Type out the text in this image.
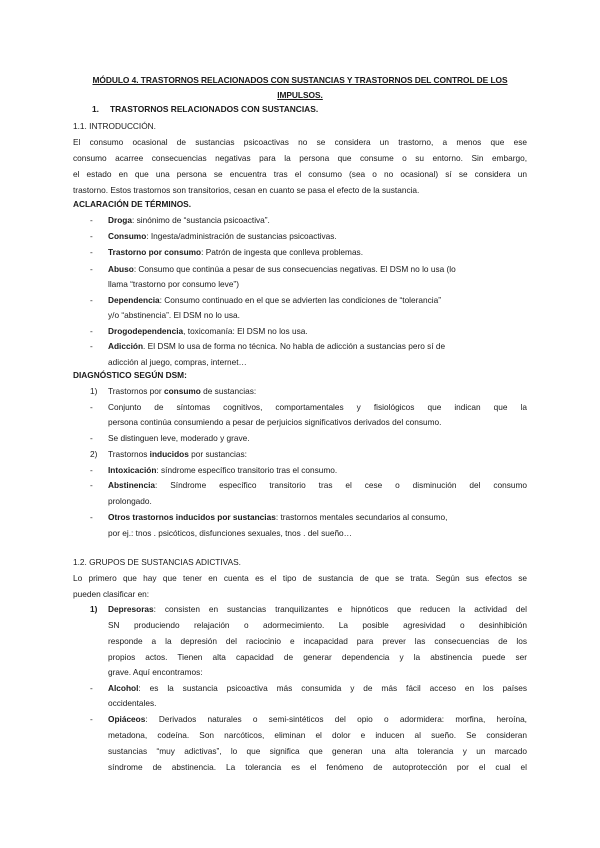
MÓDULO 4. TRASTORNOS RELACIONADOS CON SUSTANCIAS Y TRASTORNOS DEL CONTROL DE LOS
IMPULSOS.
1. TRASTORNOS RELACIONADOS CON SUSTANCIAS.
1.1. INTRODUCCIÓN.
El consumo ocasional de sustancias psicoactivas no se considera un trastorno, a menos que ese
consumo acarree consecuencias negativas para la persona que consume o su entorno. Sin embargo,
el estado en que una persona se encuentra tras el consumo (sea o no ocasional) sí se considera un
trastorno. Estos trastornos son transitorios, cesan en cuanto se pasa el efecto de la sustancia.
ACLARACIÓN DE TÉRMINOS.
- Droga: sinónimo de “sustancia psicoactiva”.
- Consumo: Ingesta/administración de sustancias psicoactivas.
- Trastorno por consumo: Patrón de ingesta que conlleva problemas.
- Abuso: Consumo que continúa a pesar de sus consecuencias negativas. El DSM no lo usa (lo
llama “trastorno por consumo leve”)
- Dependencia: Consumo continuado en el que se advierten las condiciones de “tolerancia”
y/o “abstinencia”. El DSM no lo usa.
- Drogodependencia, toxicomanía: El DSM no los usa.
- Adicción. El DSM lo usa de forma no técnica. No habla de adicción a sustancias pero sí de
adicción al juego, compras, internet…
DIAGNÓSTICO SEGÚN DSM:
1) Trastornos por consumo de sustancias:
-	Conjunto de síntomas cognitivos, comportamentales y fisiológicos que indican que la
persona continúa consumiendo a pesar de perjuicios significativos derivados del consumo.
- Se distinguen leve, moderado y grave.
2) Trastornos inducidos por sustancias:
- Intoxicación: síndrome específico transitorio tras el consumo.
-	Abstinencia: Síndrome específico transitorio tras el cese o disminución del consumo
prolongado.
- Otros trastornos inducidos por sustancias: trastornos mentales secundarios al consumo,
por ej.: tnos . psicóticos, disfunciones sexuales, tnos . del sueño…
1.2. GRUPOS DE SUSTANCIAS ADICTIVAS.
Lo primero que hay que tener en cuenta es el tipo de sustancia de que se trata. Según sus efectos se
pueden clasificar en:
1)	Depresoras: consisten en sustancias tranquilizantes e hipnóticos que reducen la actividad del
SN produciendo relajación o adormecimiento. La posible agresividad o desinhibición
responde a la depresión del raciocinio e incapacidad para prever las consecuencias de los
propios actos. Tienen alta capacidad de generar dependencia y la abstinencia puede ser
grave. Aquí encontramos:
-	Alcohol: es la sustancia psicoactiva más consumida y de más fácil acceso en los países
occidentales.
-	Opiáceos: Derivados naturales o semi-sintéticos del opio o adormidera: morfina, heroína,
metadona, codeína. Son narcóticos, eliminan el dolor e inducen al sueño. Se consideran
sustancias “muy adictivas”, lo que significa que generan una alta tolerancia y un marcado
síndrome de abstinencia. La tolerancia es el fenómeno de autoprotección por el cual el
